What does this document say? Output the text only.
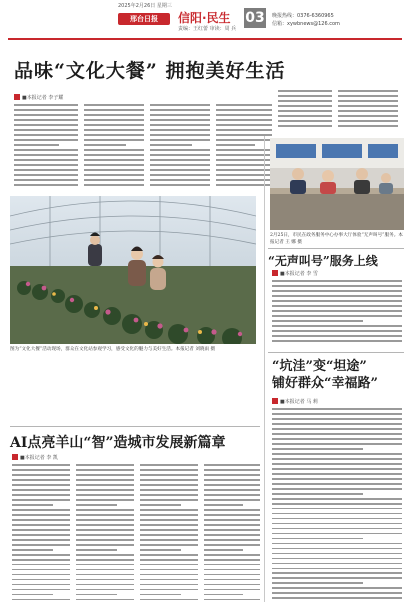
2025年2月26日 星期三
邢台日报	信阳·民生
责编：王红蕾 审读：周 兵
03 晚报热线：0376-6360965
信箱：xywbnews@126.com
品味“文化大餐” 拥抱美好生活
■本报记者 李子耀
图为“文化大餐”活动现场，群众在文化站参观学习，感受文化的魅力与美好生活。本报记者 刘晓雨 摄
2月25日，市民在政务服务中心办事大厅体验“无声叫号”服务。本报记者 王 娜 摄
“无声叫号”服务上线
■本报记者 李 雪
“坑洼”变“坦途”
铺好群众“幸福路”
■本报记者 马 莉
AI点亮羊山“智”造城市发展新篇章
■本报记者 李 凯
